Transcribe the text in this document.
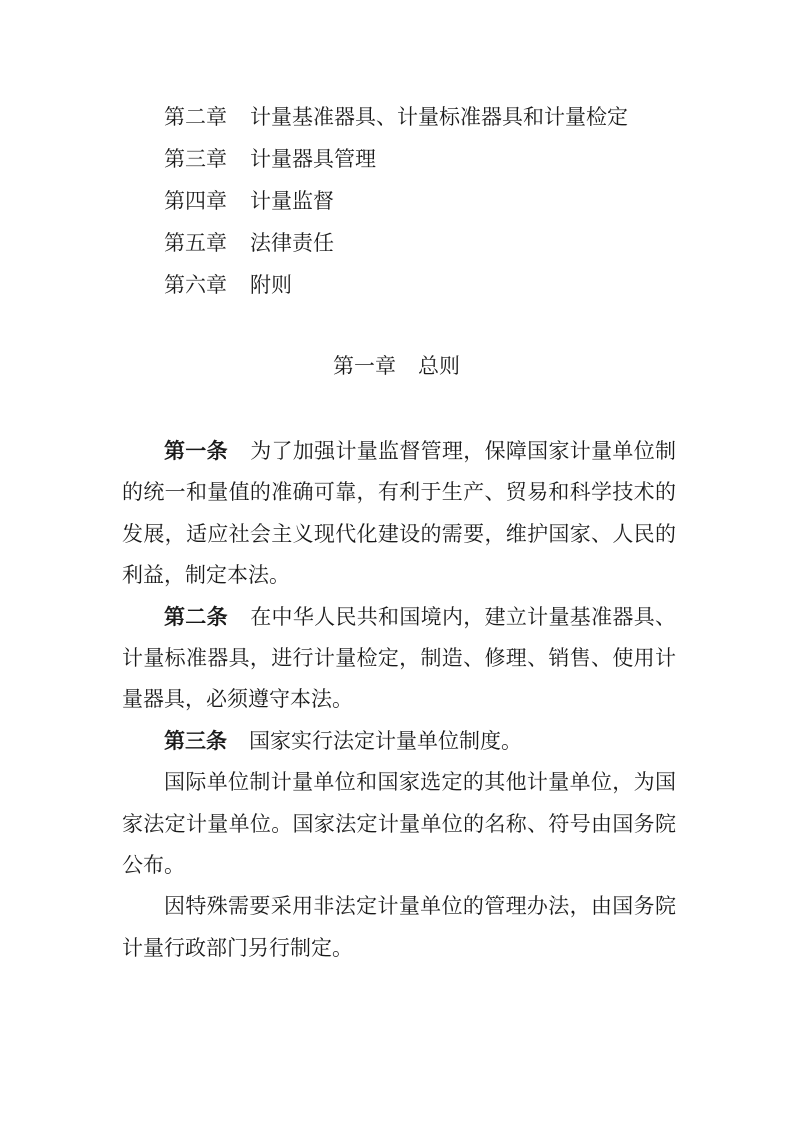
第二章 计量基准器具、计量标准器具和计量检定
第三章 计量器具管理
第四章 计量监督
第五章 法律责任
第六章 附则
第一章 总则

第一条 为了加强计量监督管理，保障国家计量单位制的统一和量值的准确可靠，有利于生产、贸易和科学技术的发展，适应社会主义现代化建设的需要，维护国家、人民的利益，制定本法。

第二条 在中华人民共和国境内，建立计量基准器具、计量标准器具，进行计量检定，制造、修理、销售、使用计量器具，必须遵守本法。

第三条 国家实行法定计量单位制度。

国际单位制计量单位和国家选定的其他计量单位，为国家法定计量单位。国家法定计量单位的名称、符号由国务院公布。

因特殊需要采用非法定计量单位的管理办法，由国务院计量行政部门另行制定。
